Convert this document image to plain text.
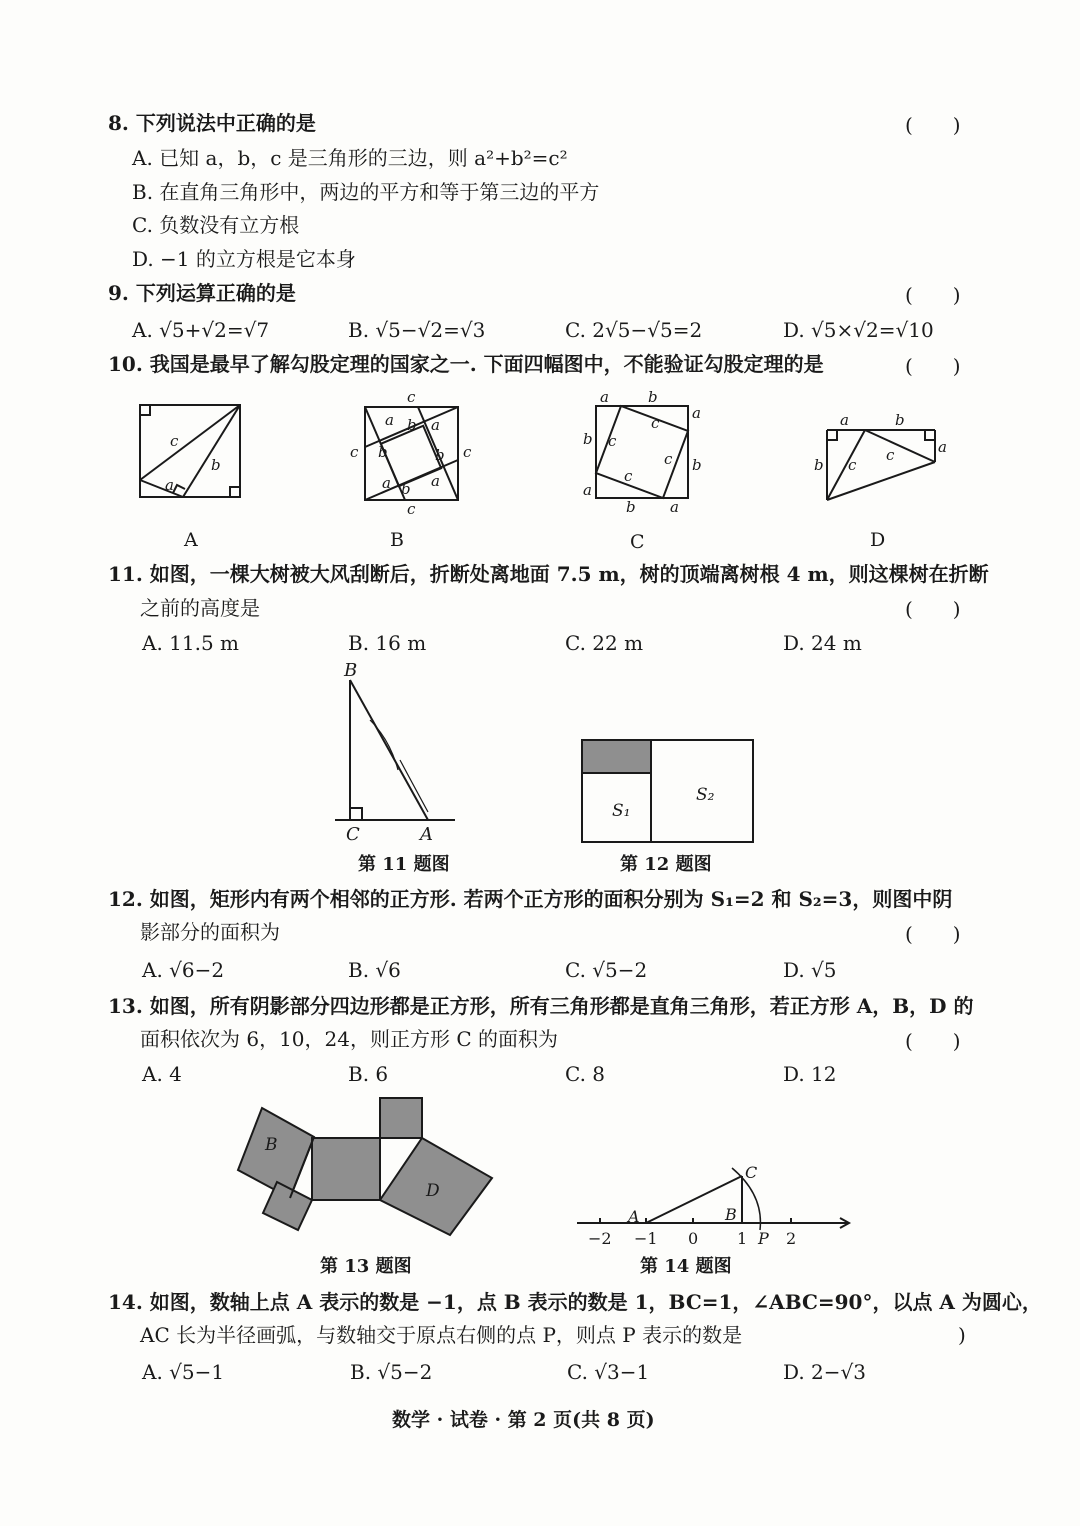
8. 下列说法中正确的是	(　　)
A. 已知 a，b，c 是三角形的三边，则 a²+b²=c²
B. 在直角三角形中，两边的平方和等于第三边的平方
C. 负数没有立方根
D. −1 的立方根是它本身
9. 下列运算正确的是	(　　)
A. √5+√2=√7	B. √5−√2=√3	C. 2√5−√5=2	D. √5×√2=√10
10. 我国是最早了解勾股定理的国家之一. 下面四幅图中，不能验证勾股定理的是	(　　)
c
a
b
A
c
c
c	c
a b a
b	b
a b a
B
a	b
a
b
a
b
a
b
c
c
c
c
C
a	b
b
a
c
c
D
11. 如图，一棵大树被大风刮断后，折断处离地面 7.5 m，树的顶端离树根 4 m，则这棵树在折断
之前的高度是	(　　)
A. 11.5 m	B. 16 m	C. 22 m	D. 24 m
B
C	A
第 11 题图
S₁
S₂
第 12 题图
12. 如图，矩形内有两个相邻的正方形. 若两个正方形的面积分别为 S₁=2 和 S₂=3，则图中阴
影部分的面积为	(　　)
A. √6−2	B. √6	C. √5−2	D. √5
13. 如图，所有阴影部分四边形都是正方形，所有三角形都是直角三角形，若正方形 A，B，D 的
面积依次为 6，10，24，则正方形 C 的面积为	(　　)
A. 4	B. 6	C. 8	D. 12
B
D
第 13 题图
A	B
C
P
−2 −1 0 1 2
第 14 题图
14. 如图，数轴上点 A 表示的数是 −1，点 B 表示的数是 1，BC=1，∠ABC=90°，以点 A 为圆心，
AC 长为半径画弧，与数轴交于原点右侧的点 P，则点 P 表示的数是	)
A. √5−1	B. √5−2	C. √3−1	D. 2−√3
数学 · 试卷 · 第 2 页(共 8 页)
